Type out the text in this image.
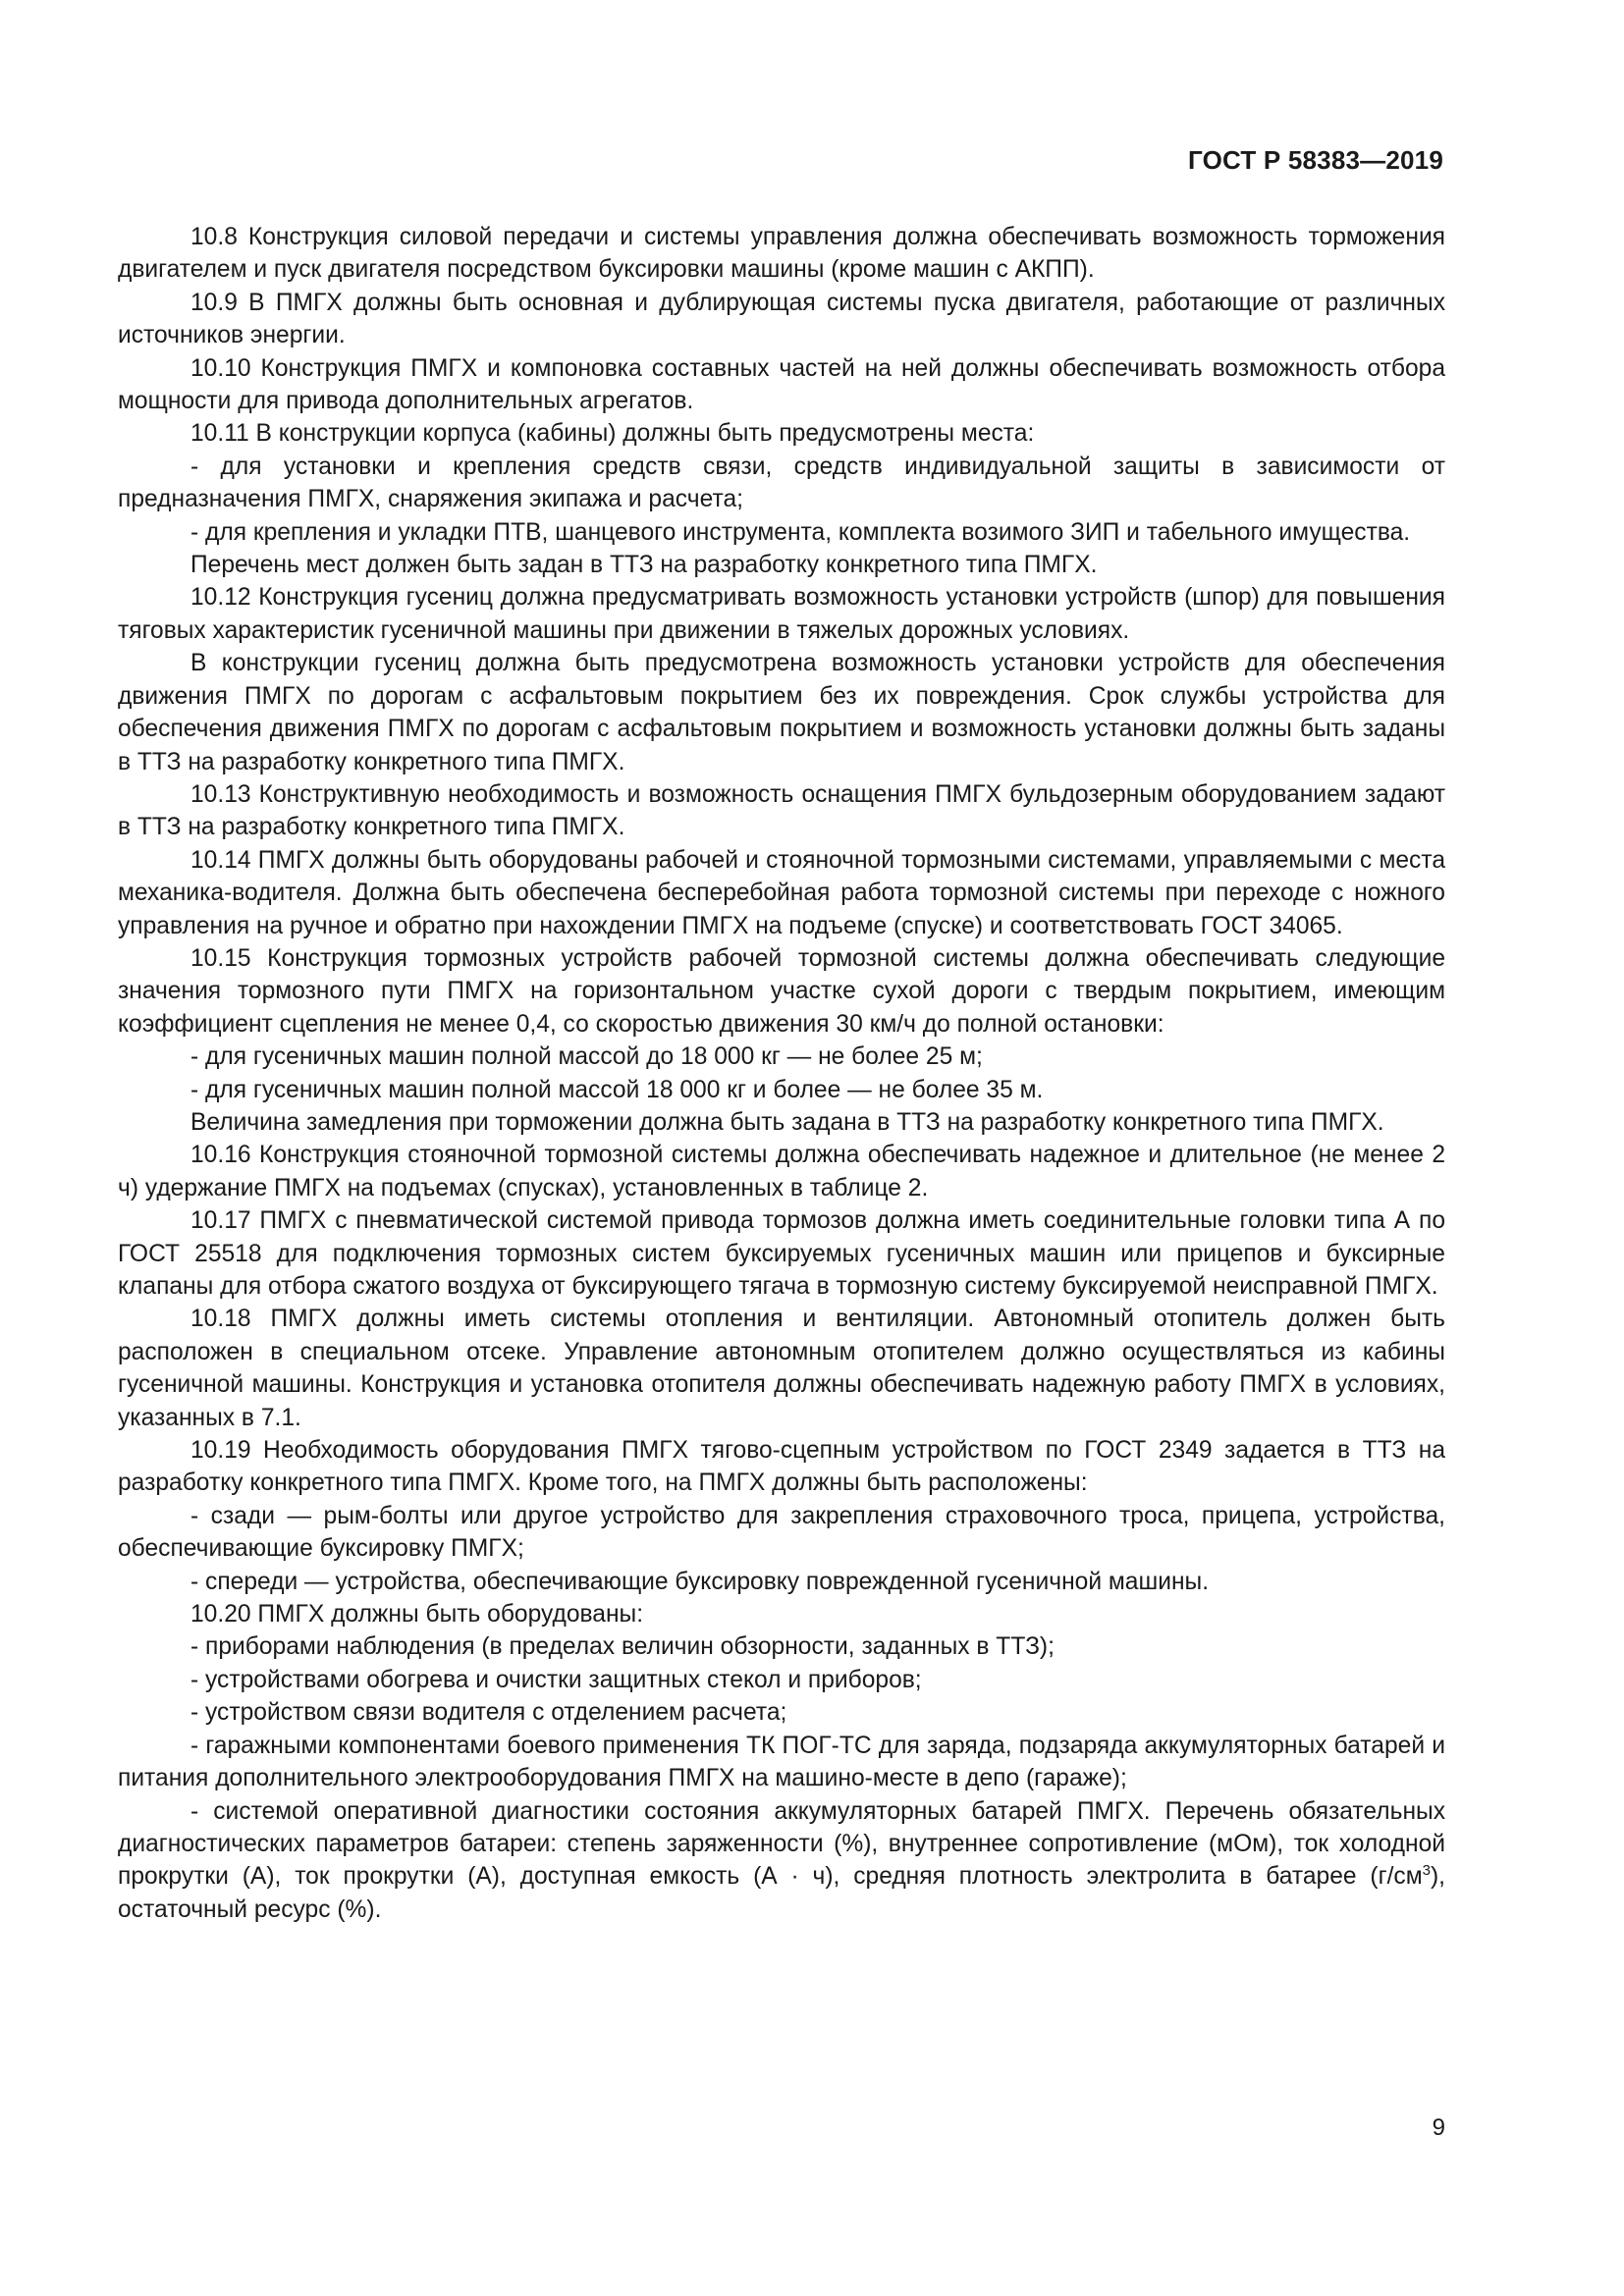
ГОСТ Р 58383—2019

10.8 Конструкция силовой передачи и системы управления должна обеспечивать возможность торможения двигателем и пуск двигателя посредством буксировки машины (кроме машин с АКПП).

10.9 В ПМГХ должны быть основная и дублирующая системы пуска двигателя, работающие от различных источников энергии.

10.10 Конструкция ПМГХ и компоновка составных частей на ней должны обеспечивать возможность отбора мощности для привода дополнительных агрегатов.

10.11 В конструкции корпуса (кабины) должны быть предусмотрены места:

- для установки и крепления средств связи, средств индивидуальной защиты в зависимости от предназначения ПМГХ, снаряжения экипажа и расчета;

- для крепления и укладки ПТВ, шанцевого инструмента, комплекта возимого ЗИП и табельного имущества.

Перечень мест должен быть задан в ТТЗ на разработку конкретного типа ПМГХ.

10.12 Конструкция гусениц должна предусматривать возможность установки устройств (шпор) для повышения тяговых характеристик гусеничной машины при движении в тяжелых дорожных условиях.

В конструкции гусениц должна быть предусмотрена возможность установки устройств для обеспечения движения ПМГХ по дорогам с асфальтовым покрытием без их повреждения. Срок службы устройства для обеспечения движения ПМГХ по дорогам с асфальтовым покрытием и возможность установки должны быть заданы в ТТЗ на разработку конкретного типа ПМГХ.

10.13 Конструктивную необходимость и возможность оснащения ПМГХ бульдозерным оборудованием задают в ТТЗ на разработку конкретного типа ПМГХ.

10.14 ПМГХ должны быть оборудованы рабочей и стояночной тормозными системами, управляемыми с места механика-водителя. Должна быть обеспечена бесперебойная работа тормозной системы при переходе с ножного управления на ручное и обратно при нахождении ПМГХ на подъеме (спуске) и соответствовать ГОСТ 34065.

10.15 Конструкция тормозных устройств рабочей тормозной системы должна обеспечивать следующие значения тормозного пути ПМГХ на горизонтальном участке сухой дороги с твердым покрытием, имеющим коэффициент сцепления не менее 0,4, со скоростью движения 30 км/ч до полной остановки:

- для гусеничных машин полной массой до 18 000 кг — не более 25 м;

- для гусеничных машин полной массой 18 000 кг и более — не более 35 м.

Величина замедления при торможении должна быть задана в ТТЗ на разработку конкретного типа ПМГХ.

10.16 Конструкция стояночной тормозной системы должна обеспечивать надежное и длительное (не менее 2 ч) удержание ПМГХ на подъемах (спусках), установленных в таблице 2.

10.17 ПМГХ с пневматической системой привода тормозов должна иметь соединительные головки типа А по ГОСТ 25518 для подключения тормозных систем буксируемых гусеничных машин или прицепов и буксирные клапаны для отбора сжатого воздуха от буксирующего тягача в тормозную систему буксируемой неисправной ПМГХ.

10.18 ПМГХ должны иметь системы отопления и вентиляции. Автономный отопитель должен быть расположен в специальном отсеке. Управление автономным отопителем должно осуществляться из кабины гусеничной машины. Конструкция и установка отопителя должны обеспечивать надежную работу ПМГХ в условиях, указанных в 7.1.

10.19 Необходимость оборудования ПМГХ тягово-сцепным устройством по ГОСТ 2349 задается в ТТЗ на разработку конкретного типа ПМГХ. Кроме того, на ПМГХ должны быть расположены:

- сзади — рым-болты или другое устройство для закрепления страховочного троса, прицепа, устройства, обеспечивающие буксировку ПМГХ;

- спереди — устройства, обеспечивающие буксировку поврежденной гусеничной машины.

10.20 ПМГХ должны быть оборудованы:

- приборами наблюдения (в пределах величин обзорности, заданных в ТТЗ);

- устройствами обогрева и очистки защитных стекол и приборов;

- устройством связи водителя с отделением расчета;

- гаражными компонентами боевого применения ТК ПОГ-ТС для заряда, подзаряда аккумуляторных батарей и питания дополнительного электрооборудования ПМГХ на машино-месте в депо (гараже);

- системой оперативной диагностики состояния аккумуляторных батарей ПМГХ. Перечень обязательных диагностических параметров батареи: степень заряженности (%), внутреннее сопротивление (мОм), ток холодной прокрутки (А), ток прокрутки (А), доступная емкость (А · ч), средняя плотность электролита в батарее $(г/см^3)$, остаточный ресурс (%).

9
